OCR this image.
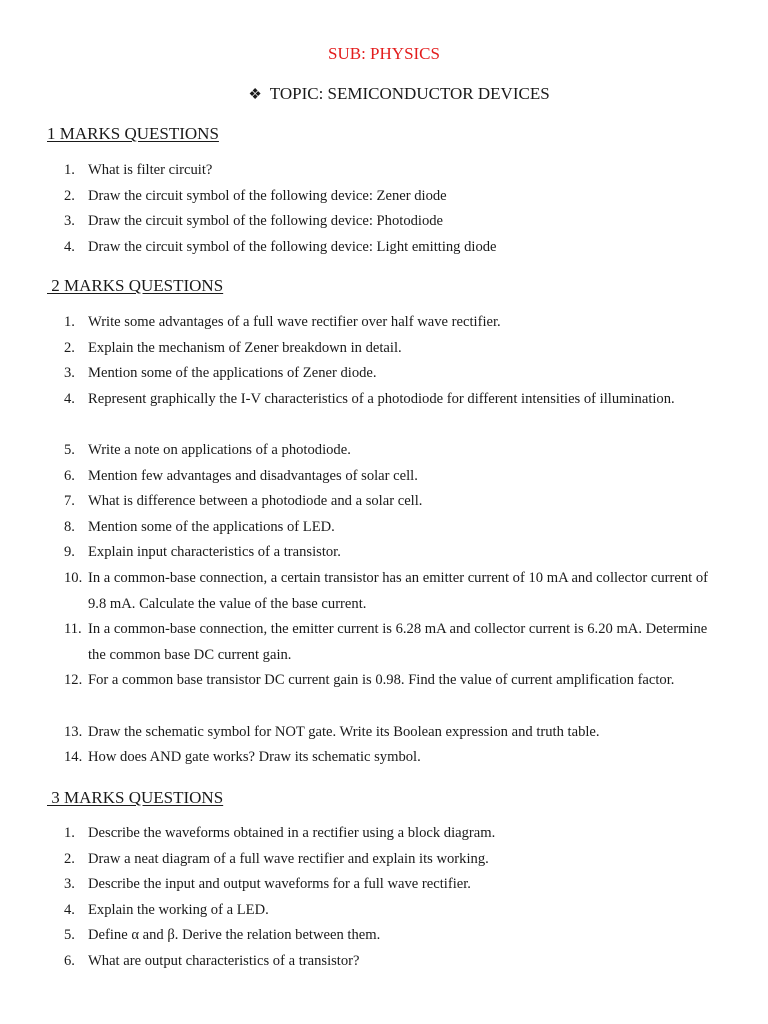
SUB: PHYSICS
❖ TOPIC: SEMICONDUCTOR DEVICES
1 MARKS QUESTIONS
1. What is filter circuit?
2. Draw the circuit symbol of the following device: Zener diode
3. Draw the circuit symbol of the following device: Photodiode
4. Draw the circuit symbol of the following device: Light emitting diode
2 MARKS QUESTIONS
1. Write some advantages of a full wave rectifier over half wave rectifier.
2. Explain the mechanism of Zener breakdown in detail.
3. Mention some of the applications of Zener diode.
4. Represent graphically the I-V characteristics of a photodiode for different intensities of illumination.
5. Write a note on applications of a photodiode.
6. Mention few advantages and disadvantages of solar cell.
7. What is difference between a photodiode and a solar cell.
8. Mention some of the applications of LED.
9. Explain input characteristics of a transistor.
10. In a common-base connection, a certain transistor has an emitter current of 10 mA and collector current of 9.8 mA. Calculate the value of the base current.
11. In a common-base connection, the emitter current is 6.28 mA and collector current is 6.20 mA. Determine the common base DC current gain.
12. For a common base transistor DC current gain is 0.98. Find the value of current amplification factor.
13. Draw the schematic symbol for NOT gate. Write its Boolean expression and truth table.
14. How does AND gate works? Draw its schematic symbol.
3 MARKS QUESTIONS
1. Describe the waveforms obtained in a rectifier using a block diagram.
2. Draw a neat diagram of a full wave rectifier and explain its working.
3. Describe the input and output waveforms for a full wave rectifier.
4. Explain the working of a LED.
5. Define α and β. Derive the relation between them.
6. What are output characteristics of a transistor?
